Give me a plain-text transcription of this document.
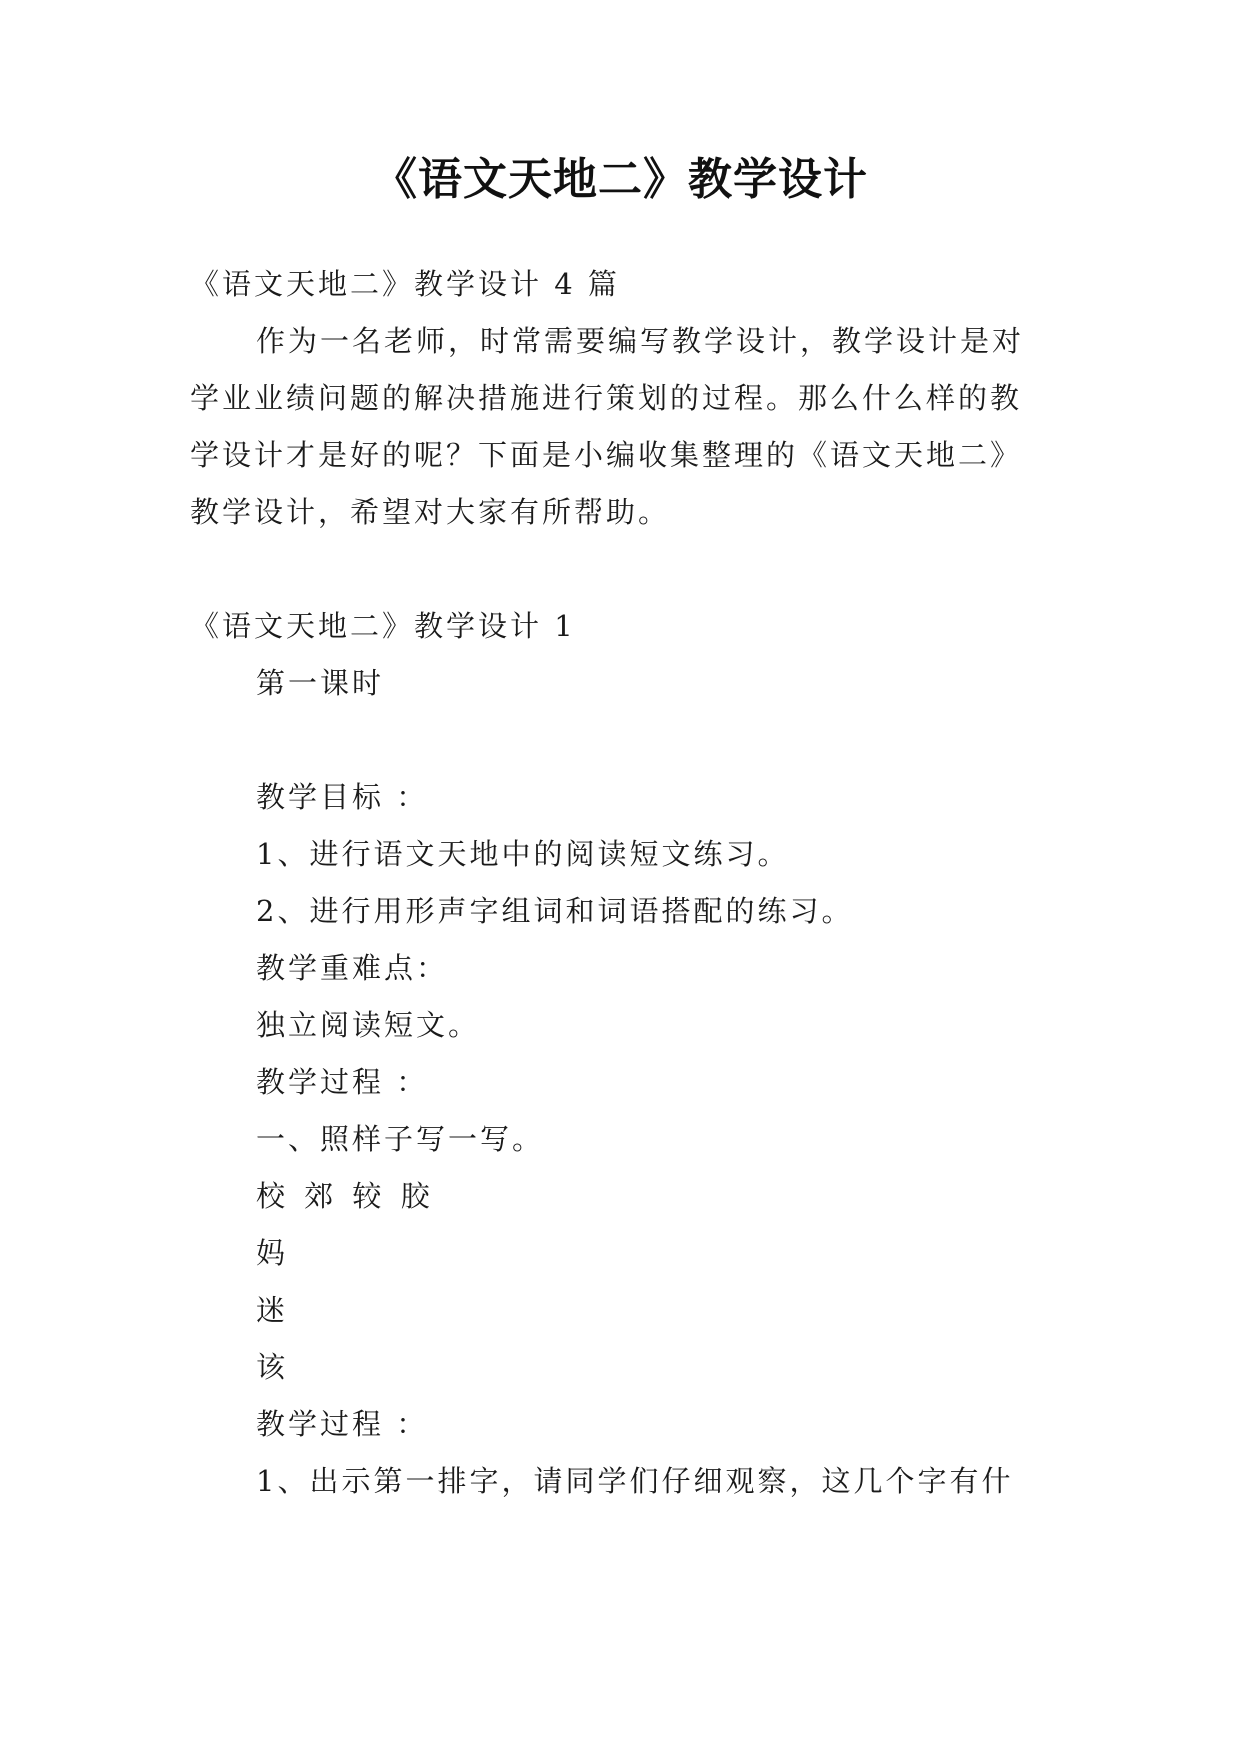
《语文天地二》教学设计
《语文天地二》教学设计 4 篇
作为一名老师，时常需要编写教学设计，教学设计是对
学业业绩问题的解决措施进行策划的过程。那么什么样的教
学设计才是好的呢？下面是小编收集整理的《语文天地二》
教学设计，希望对大家有所帮助。
《语文天地二》教学设计 1
第一课时
教学目标 ：
1、进行语文天地中的阅读短文练习。
2、进行用形声字组词和词语搭配的练习。
教学重难点：
独立阅读短文。
教学过程 ：
一、照样子写一写。
校 郊 较 胶
妈
迷
该
教学过程 ：
1、出示第一排字，请同学们仔细观察，这几个字有什
